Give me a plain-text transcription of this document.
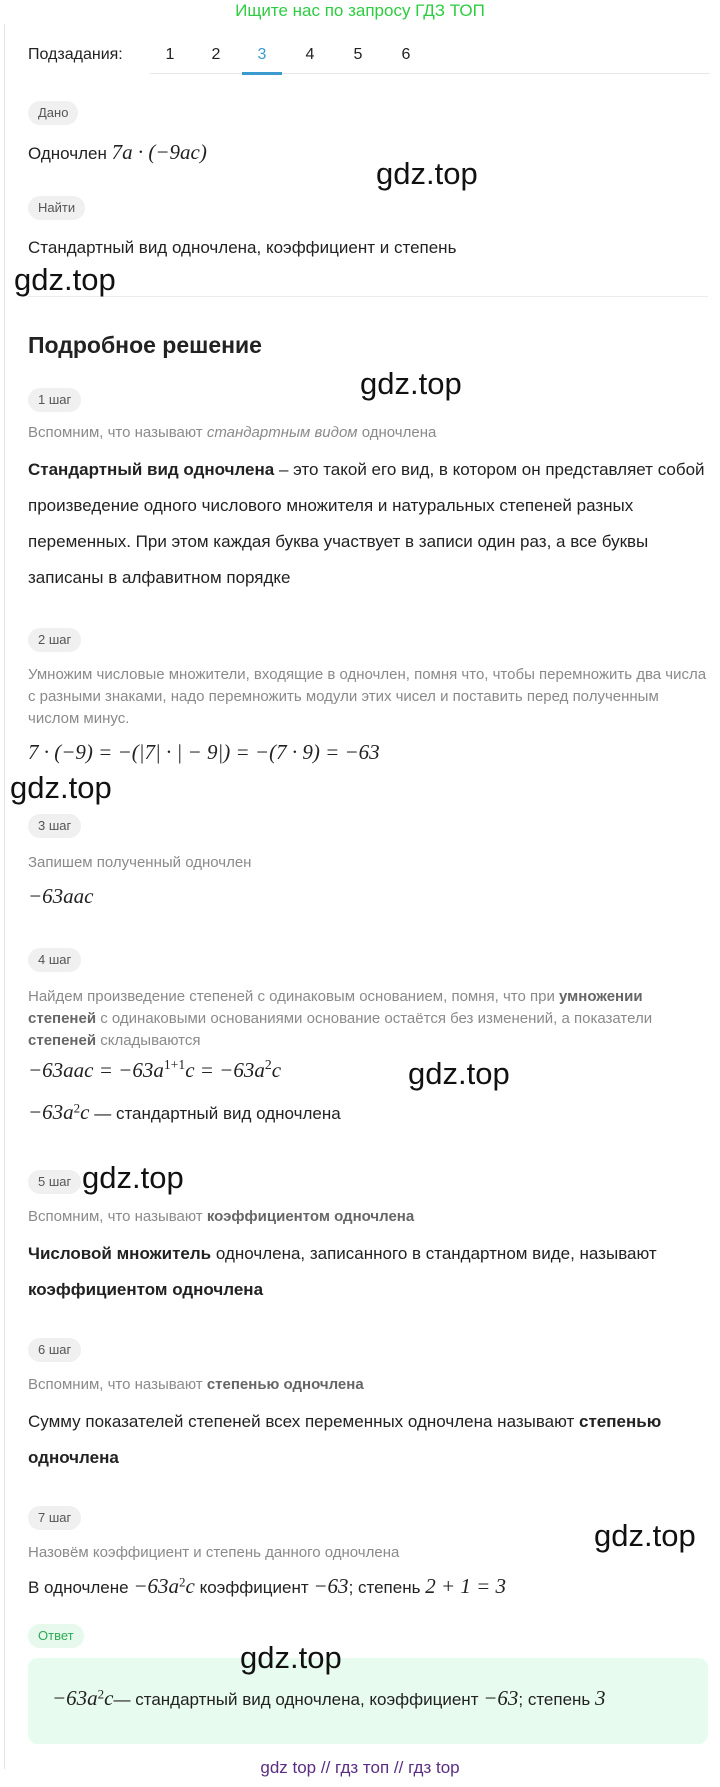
Ищите нас по запросу ГДЗ ТОП
Подзадания:	1	2	3	4	5	6
Дано
Одночлен 7a · (−9ac)
Найти
Стандартный вид одночлена, коэффициент и степень
Подробное решение
1 шаг
Вспомним, что называют стандартным видом одночлена
Стандартный вид одночлена – это такой его вид, в котором он представляет собой произведение одного числового множителя и натуральных степеней разных переменных. При этом каждая буква участвует в записи один раз, а все буквы записаны в алфавитном порядке
2 шаг
Умножим числовые множители, входящие в одночлен, помня что, чтобы перемножить два числа с разными знаками, надо перемножить модули этих чисел и поставить перед полученным числом минус.
7 · (−9) = −(|7| · | − 9|) = −(7 · 9) = −63
3 шаг
Запишем полученный одночлен
−63aac
4 шаг
Найдем произведение степеней с одинаковым основанием, помня, что при умножении степеней с одинаковыми основаниями основание остаётся без изменений, а показатели степеней складываются
$-63aac = -63a^{1+1}c = -63a^2c$
$-63a^2c$ — стандартный вид одночлена
5 шаг
Вспомним, что называют коэффициентом одночлена
Числовой множитель одночлена, записанного в стандартном виде, называют коэффициентом одночлена
6 шаг
Вспомним, что называют степенью одночлена
Сумму показателей степеней всех переменных одночлена называют степенью одночлена
7 шаг
Назовём коэффициент и степень данного одночлена
В одночлене $-63a^2c$ коэффициент −63; степень 2 + 1 = 3
Ответ
$-63a^2c—$ стандартный вид одночлена, коэффициент −63; степень 3
gdz.top
gdz.top
gdz.top
gdz.top
gdz.top
gdz.top
gdz.top
gdz.top
gdz top // гдз топ // гдз top
